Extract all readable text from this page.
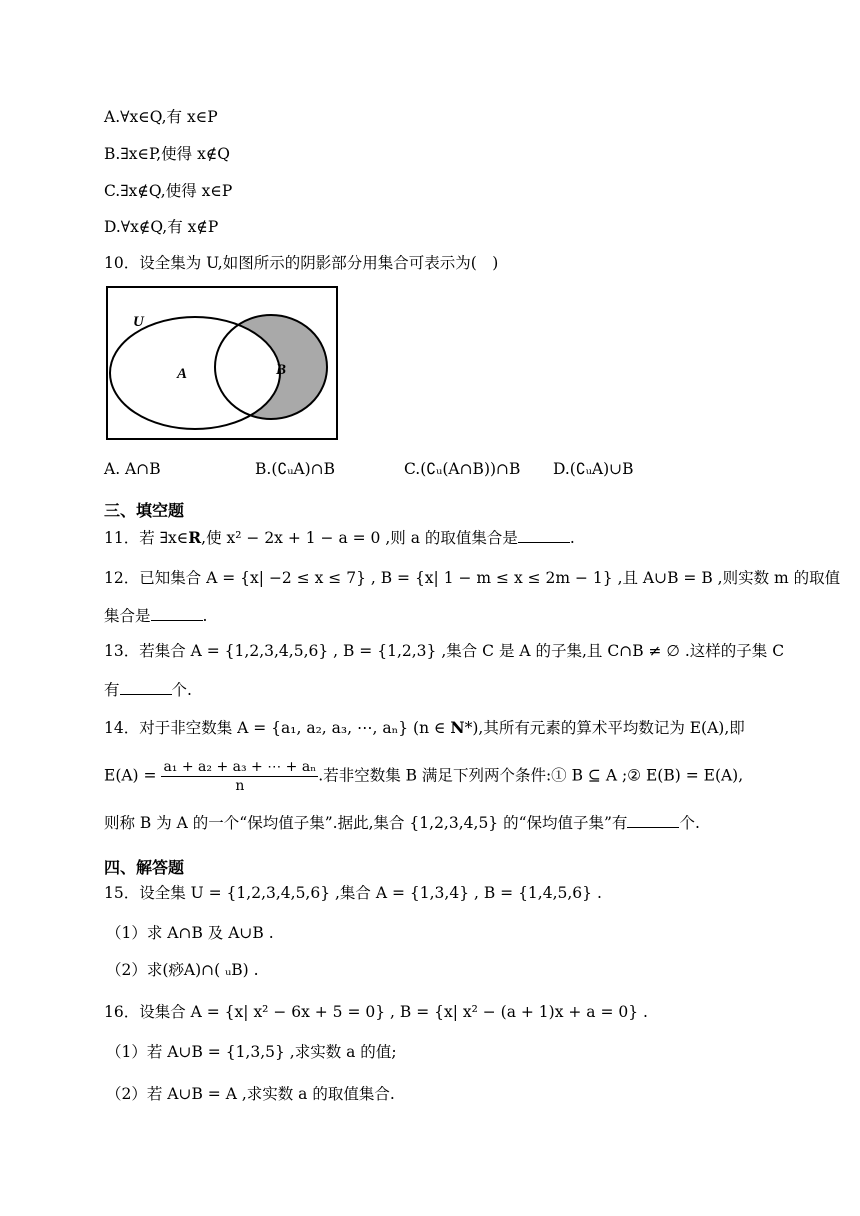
A.∀x∈Q,有 x∈P
B.∃x∈P,使得 x∉Q
C.∃x∉Q,使得 x∈P
D.∀x∉Q,有 x∉P
10．设全集为 U,如图所示的阴影部分用集合可表示为(　)
U
A	B
A. A∩B	B.(∁ᵤA)∩B	C.(∁ᵤ(A∩B))∩B D.(∁ᵤA)∪B
三、填空题
11．若 ∃x∈R,使 x² − 2x + 1 − a = 0 ,则 a 的取值集合是	.
12．已知集合 A = {x| −2 ≤ x ≤ 7} , B = {x| 1 − m ≤ x ≤ 2m − 1} ,且 A∪B = B ,则实数 m 的取值
集合是	.
13．若集合 A = {1,2,3,4,5,6} , B = {1,2,3} ,集合 C 是 A 的子集,且 C∩B ≠ ∅ .这样的子集 C
有	个.
14．对于非空数集 A = {a₁, a₂, a₃, ⋯, aₙ} (n ∈ N*),其所有元素的算术平均数记为 E(A),即
$E(A) = \frac{\text{a₁ + a₂ + a₃ + ⋯ + aₙ}}{n}$ .若非空数集 B 满足下列两个条件:① B ⊆ A ;② E(B) = E(A),
则称 B 为 A 的一个“保均值子集”.据此,集合 {1,2,3,4,5} 的“保均值子集”有	个.
四、解答题
15．设全集 U = {1,2,3,4,5,6} ,集合 A = {1,3,4} , B = {1,4,5,6} .
（1）求 A∩B 及 A∪B .
（2）求(痧A)∩( ᵤB) .
16．设集合 A = {x| x² − 6x + 5 = 0} , B = {x| x² − (a + 1)x + a = 0} .
（1）若 A∪B = {1,3,5} ,求实数 a 的值;
（2）若 A∪B = A ,求实数 a 的取值集合.
